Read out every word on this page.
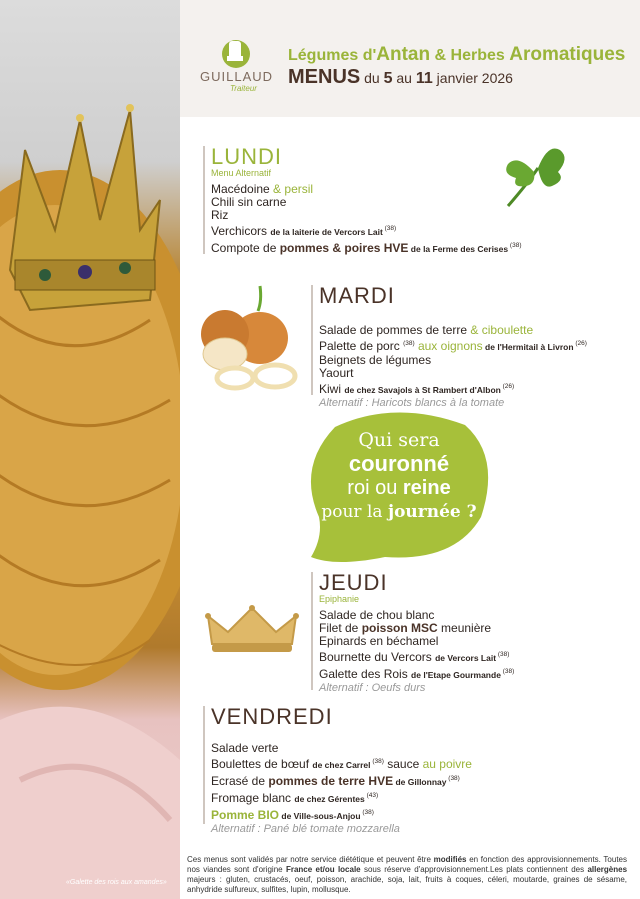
«Galette des rois aux amandes»
GUILLAUD
Traiteur
Légumes d'Antan & Herbes Aromatiques
MENUS du 5 au 11 janvier 2026
LUNDI
Menu Alternatif
Macédoine & persil
Chili sin carne
Riz
Verchicors de la laiterie de Vercors Lait $^{(38)}$
Compote de pommes & poires HVE de la Ferme des Cerises $^{(38)}$
MARDI
Salade de pommes de terre & ciboulette
Palette de porc $^{(38)}$ aux oignons de l'Hermitail à Livron $^{(26)}$
Beignets de légumes
Yaourt
Kiwi de chez Savajols à St Rambert d'Albon $^{(26)}$
Alternatif : Haricots blancs à la tomate
Qui sera
couronné
roi ou reine
pour la journée ?
JEUDI
Epiphanie
Salade de chou blanc
Filet de poisson MSC meunière
Epinards en béchamel
Bournette du Vercors de Vercors Lait $^{(38)}$
Galette des Rois de l'Etape Gourmande $^{(38)}$
Alternatif : Oeufs durs
VENDREDI
Salade verte
Boulettes de bœuf de chez Carrel $^{(38)}$ sauce au poivre
Ecrasé de pommes de terre HVE de Gillonnay $^{(38)}$
Fromage blanc de chez Gérentes $^{(43)}$
Pomme BIO de Ville-sous-Anjou $^{(38)}$
Alternatif : Pané blé tomate mozzarella
Ces menus sont validés par notre service diététique et peuvent être modifiés en fonction des approvisionnements. Toutes nos viandes sont d'origine France et/ou locale sous réserve d'approvisionnement.Les plats contiennent des allergènes majeurs : gluten, crustacés, oeuf, poisson, arachide, soja, lait, fruits à coques, céleri, moutarde, graines de sésame, anhydride sulfureux, sulfites, lupin, mollusque.
